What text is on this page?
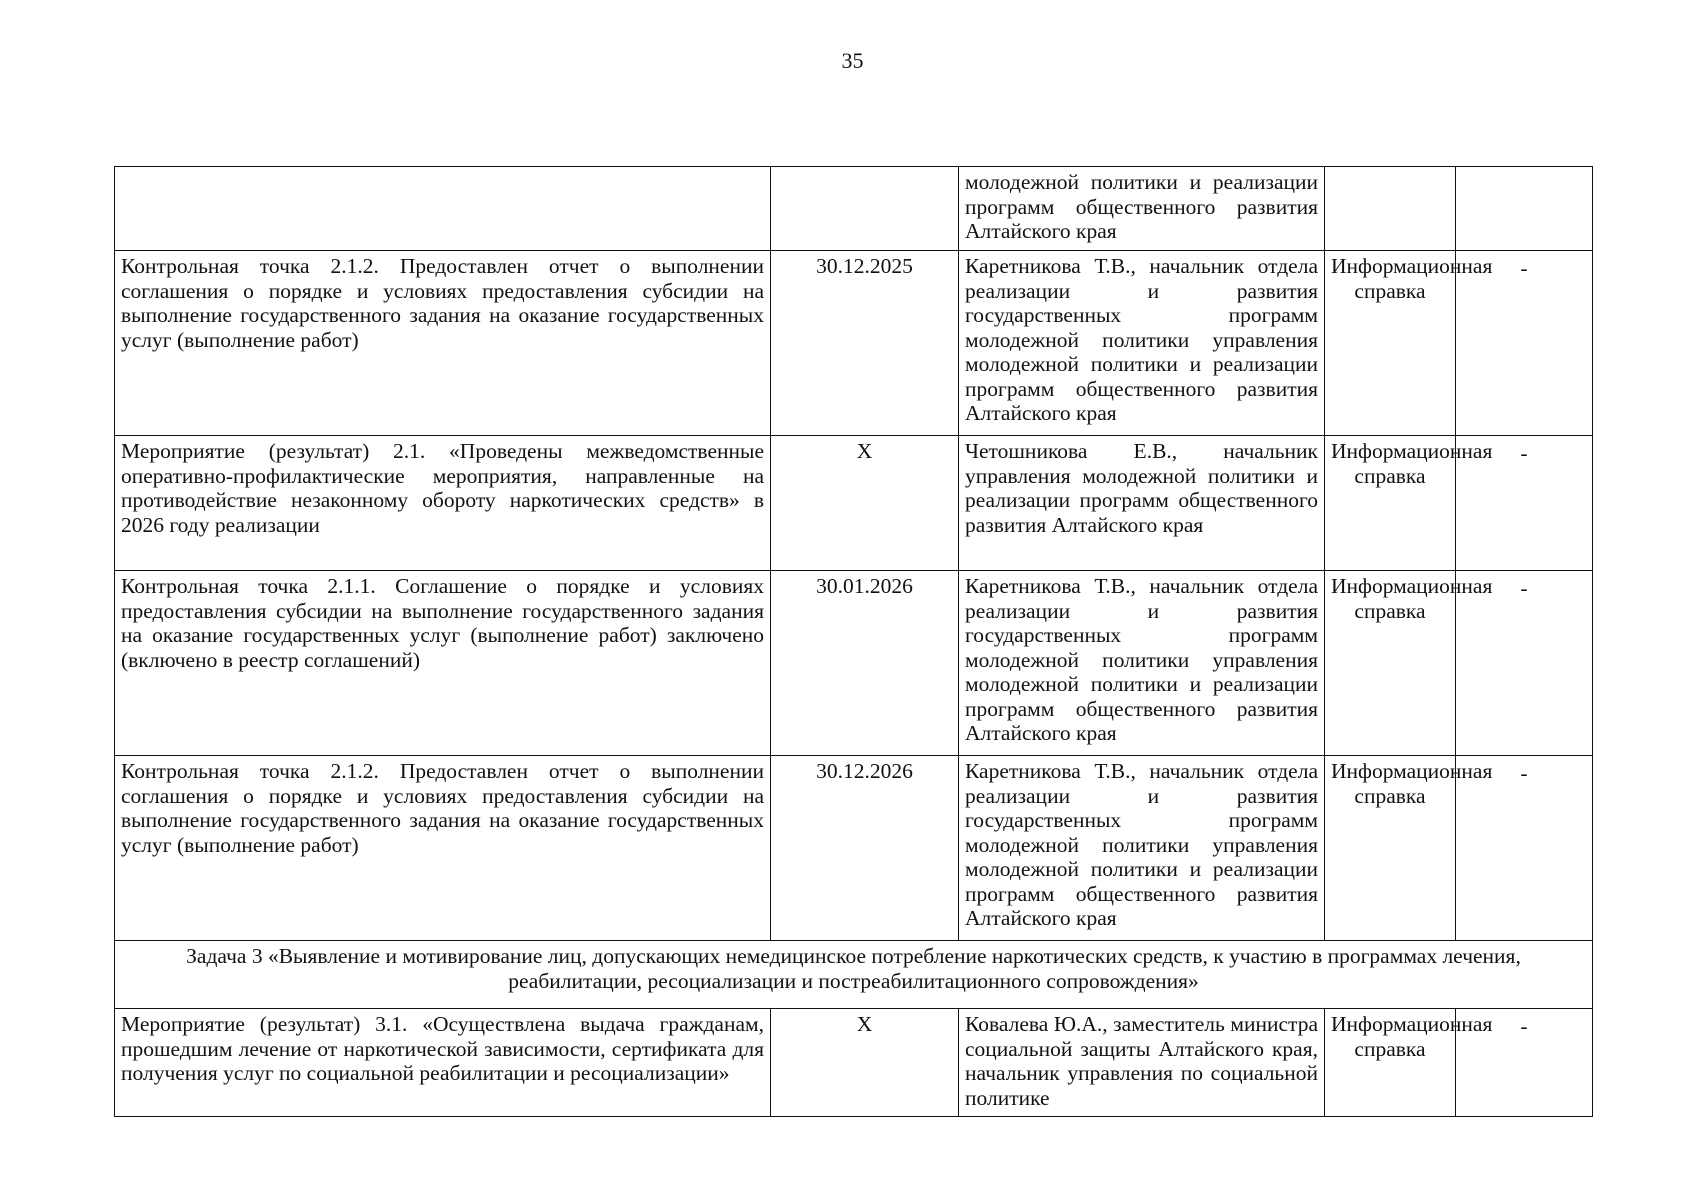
35
		молодежной политики и реализации программ общественного развития Алтайского края		
Контрольная точка 2.1.2. Предоставлен отчет о выполнении соглашения о порядке и условиях предоставления субсидии на выполнение государственного задания на оказание государственных услуг (выполнение работ)	30.12.2025	Каретникова Т.В., начальник отдела реализации и развития государственных программ молодежной политики управления молодежной политики и реализации программ общественного развития Алтайского края	Информационная справка	-
Мероприятие (результат) 2.1. «Проведены межведомственные оперативно-профилактические мероприятия, направленные на противодействие незаконному обороту наркотических средств» в 2026 году реализации	X	Четошникова Е.В., начальник управления молодежной политики и реализации программ общественного развития Алтайского края	Информационная справка	-
Контрольная точка 2.1.1. Соглашение о порядке и условиях предоставления субсидии на выполнение государственного задания на оказание государственных услуг (выполнение работ) заключено (включено в реестр соглашений)	30.01.2026	Каретникова Т.В., начальник отдела реализации и развития государственных программ молодежной политики управления молодежной политики и реализации программ общественного развития Алтайского края	Информационная справка	-
Контрольная точка 2.1.2. Предоставлен отчет о выполнении соглашения о порядке и условиях предоставления субсидии на выполнение государственного задания на оказание государственных услуг (выполнение работ)	30.12.2026	Каретникова Т.В., начальник отдела реализации и развития государственных программ молодежной политики управления молодежной политики и реализации программ общественного развития Алтайского края	Информационная справка	-
Задача 3 «Выявление и мотивирование лиц, допускающих немедицинское потребление наркотических средств, к участию в программах лечения, реабилитации, ресоциализации и постреабилитационного сопровождения»				
Мероприятие (результат) 3.1. «Осуществлена выдача гражданам, прошедшим лечение от наркотической зависимости, сертификата для получения услуг по социальной реабилитации и ресоциализации»	X	Ковалева Ю.А., заместитель министра социальной защиты Алтайского края, начальник управления по социальной политике	Информационная справка	-
